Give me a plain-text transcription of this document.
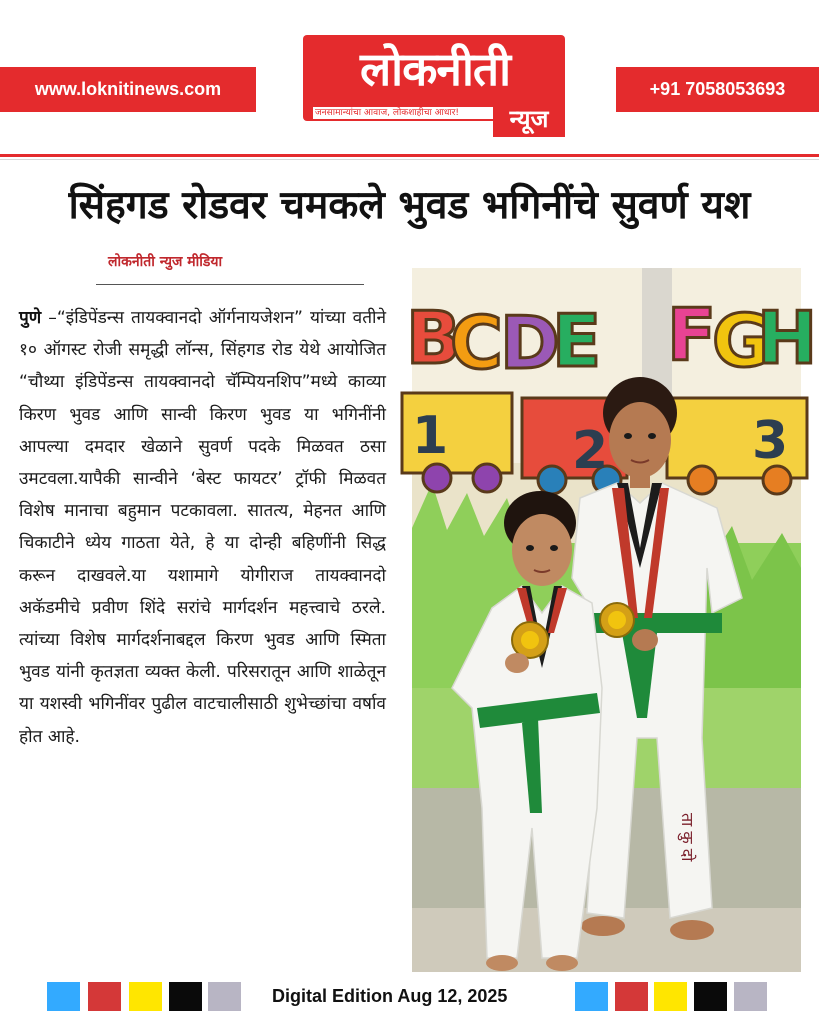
www.loknitinews.com	लोकनीती
जनसामान्यांचा आवाज, लोकशाहीचा आधार!	न्यूज
+91 7058053693
सिंहगड रोडवर चमकले भुवड भगिनींचे सुवर्ण यश
लोकनीती न्युज मीडिया

पुणे –“इंडिपेंडन्स तायक्वानदो ऑर्गनायजेशन” यांच्या वतीने १० ऑगस्ट रोजी समृद्धी लॉन्स, सिंहगड रोड येथे आयोजित “चौथ्या इंडिपेंडन्स तायक्वानदो चॅम्पियनशिप”मध्ये काव्या किरण भुवड आणि सान्वी किरण भुवड या भगिनींनी आपल्या दमदार खेळाने सुवर्ण पदके मिळवत ठसा उमटवला.यापैकी सान्वीने ‘बेस्ट फायटर’ ट्रॉफी मिळवत विशेष मानाचा बहुमान पटकावला. सातत्य, मेहनत आणि चिकाटीने ध्येय गाठता येते, हे या दोन्ही बहिणींनी सिद्ध करून दाखवले.या यशामागे योगीराज तायक्वानदो अकॅडमीचे प्रवीण शिंदे सरांचे मार्गदर्शन महत्त्वाचे ठरले. त्यांच्या विशेष मार्गदर्शनाबद्दल किरण भुवड आणि स्मिता भुवड यांनी कृतज्ञता व्यक्त केली. परिसरातून आणि शाळेतून या यशस्वी भगिनींवर पुढील वाटचालीसाठी शुभेच्छांचा वर्षाव होत आहे.

B
C
D
E F
G
H
1 2	3
ता कु दो
Digital Edition Aug 12, 2025
